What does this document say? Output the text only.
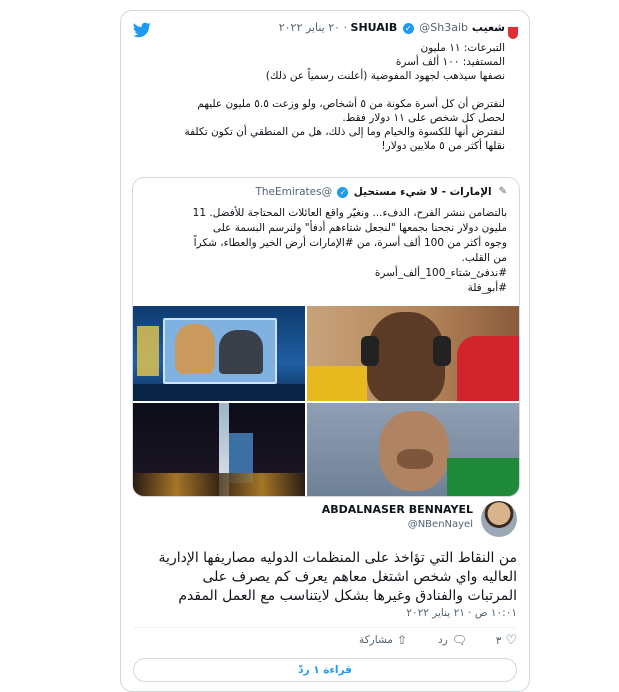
شعيب SHUAIB ✓ @Sh3aib · ٢٠ يناير ٢٠٢٢
التبرعات: ١١ مليون
المستفيد: ١٠٠ ألف أسرة
نصفها سيذهب لجهود المفوضية (أعلنت رسمياً عن ذلك)
لنفترض أن كل أسرة مكونة من ٥ أشخاص، ولو وزعت ٥.٥ مليون عليهم
لحصل كل شخص على ١١ دولار فقط.
لنفترض أنها للكسوة والخيام وما إلى ذلك، هل من المنطقي أن تكون تكلفة
نقلها أكثر من ٥ ملايين دولار!
✎ الإمارات - لا شيء مستحيل ✓ @TheEmirates
بالتضامن ننشر الفرح، الدفء... ونغيّر واقع العائلات المحتاجة للأفضل. 11
مليون دولار نجحنا بجمعها "لنجعل شتاءهم أدفأ" ولنرسم البسمة على
وجوه أكثر من 100 ألف أسرة، من #الإمارات أرض الخير والعطاء، شكراً
من القلب.
#ندفئ_شتاء_100_ألف_أسرة
#أبو_فلة
ABDALNASER BENNAYEL
@NBenNayel
من النقاط التي تؤاخذ على المنظمات الدوليه مصاريفها الإدارية
العاليه واي شخص اشتغل معاهم يعرف كم يصرف على
المرتبات والفنادق وغيرها بشكل لايتناسب مع العمل المقدم
١٠:٠١ ص · ٢١ يناير ٢٠٢٢
♡
٣
🗨
رد
⇧
مشاركة
قراءة ١ ردّ
